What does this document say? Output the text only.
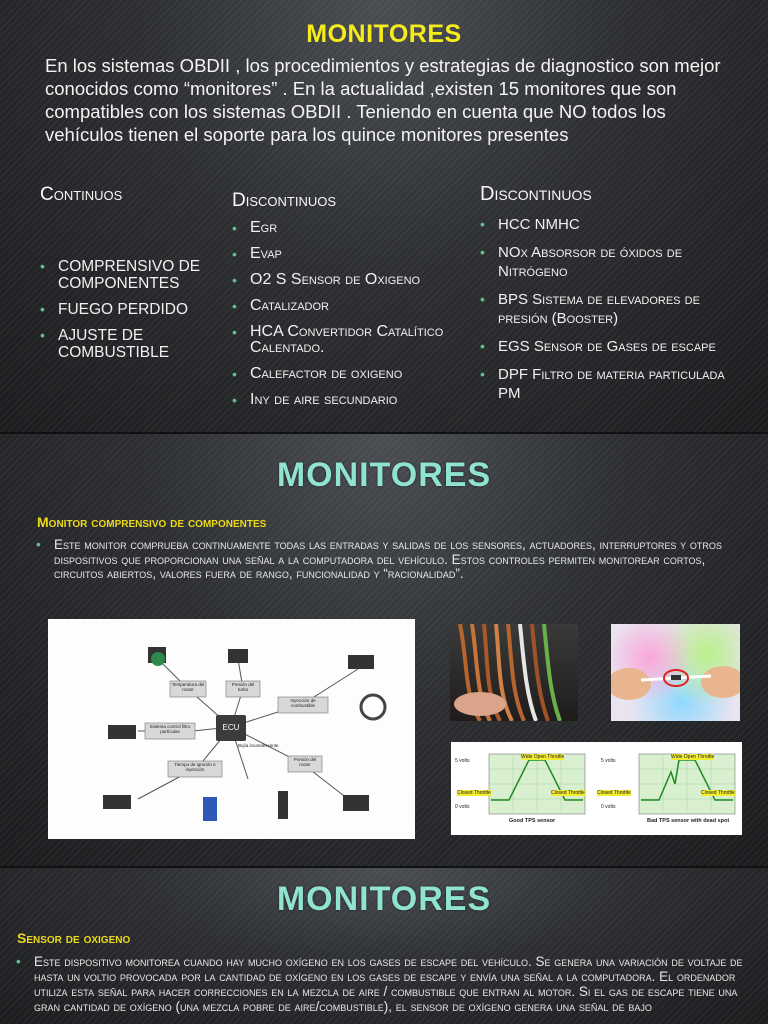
MONITORES

En los sistemas OBDII , los procedimientos y estrategias de diagnostico son mejor conocidos como “monitores” . En la actualidad ,existen 15 monitores que son compatibles con los sistemas OBDII . Teniendo en cuenta que NO todos los vehículos tienen el soporte para los quince monitores presentes

Continuos
• COMPRENSIVO DE COMPONENTES
• FUEGO PERDIDO
• AJUSTE DE COMBUSTIBLE
Discontinuos
• Egr
• Evap
• O2 S Sensor de Oxigeno
• Catalizador
• HCA Convertidor Catalítico Calentado.
• Calefactor de oxigeno
• Iny de aire secundario
Discontinuos
• HCC NMHC
• NOx Absorsor de óxidos de Nitrógeno
• BPS Sistema de elevadores de presión (Booster)
• EGS Sensor de Gases de escape
• DPF Filtro de materia particulada PM
MONITORES
Monitor comprensivo de componentes

• Este monitor comprueba continuamente todas las entradas y salidas de los sensores, actuadores, interruptores y otros dispositivos que proporcionan una señal a la computadora del vehículo. Estos controles permiten monitorear cortos, circuitos abiertos, valores fuera de rango, funcionalidad y “racionalidad”.

ECU
Temperatura del motor
Presión del turbo
Inyección de combustible
Sistema control filtro partículas
Tiempo de ignición e inyección
Presión del motor
Bujía incandescente
5 volts
0 volts
5 volts
0 volts
Wide Open Throttle	Wide Open Throttle
Closed Throttle	Closed Throttle Closed Throttle	Closed Throttle
Good TPS sensor	Bad TPS sensor with dead spot
MONITORES
Sensor de oxigeno

• Este dispositivo monitorea cuando hay mucho oxígeno en los gases de escape del vehículo. Se genera una variación de voltaje de hasta un voltio provocada por la cantidad de oxígeno en los gases de escape y envía una señal a la computadora. El ordenador utiliza esta señal para hacer correcciones en la mezcla de aire / combustible que entran al motor. Si el gas de escape tiene una gran cantidad de oxígeno (una mezcla pobre de aire/combustible), el sensor de oxígeno genera una señal de bajo
